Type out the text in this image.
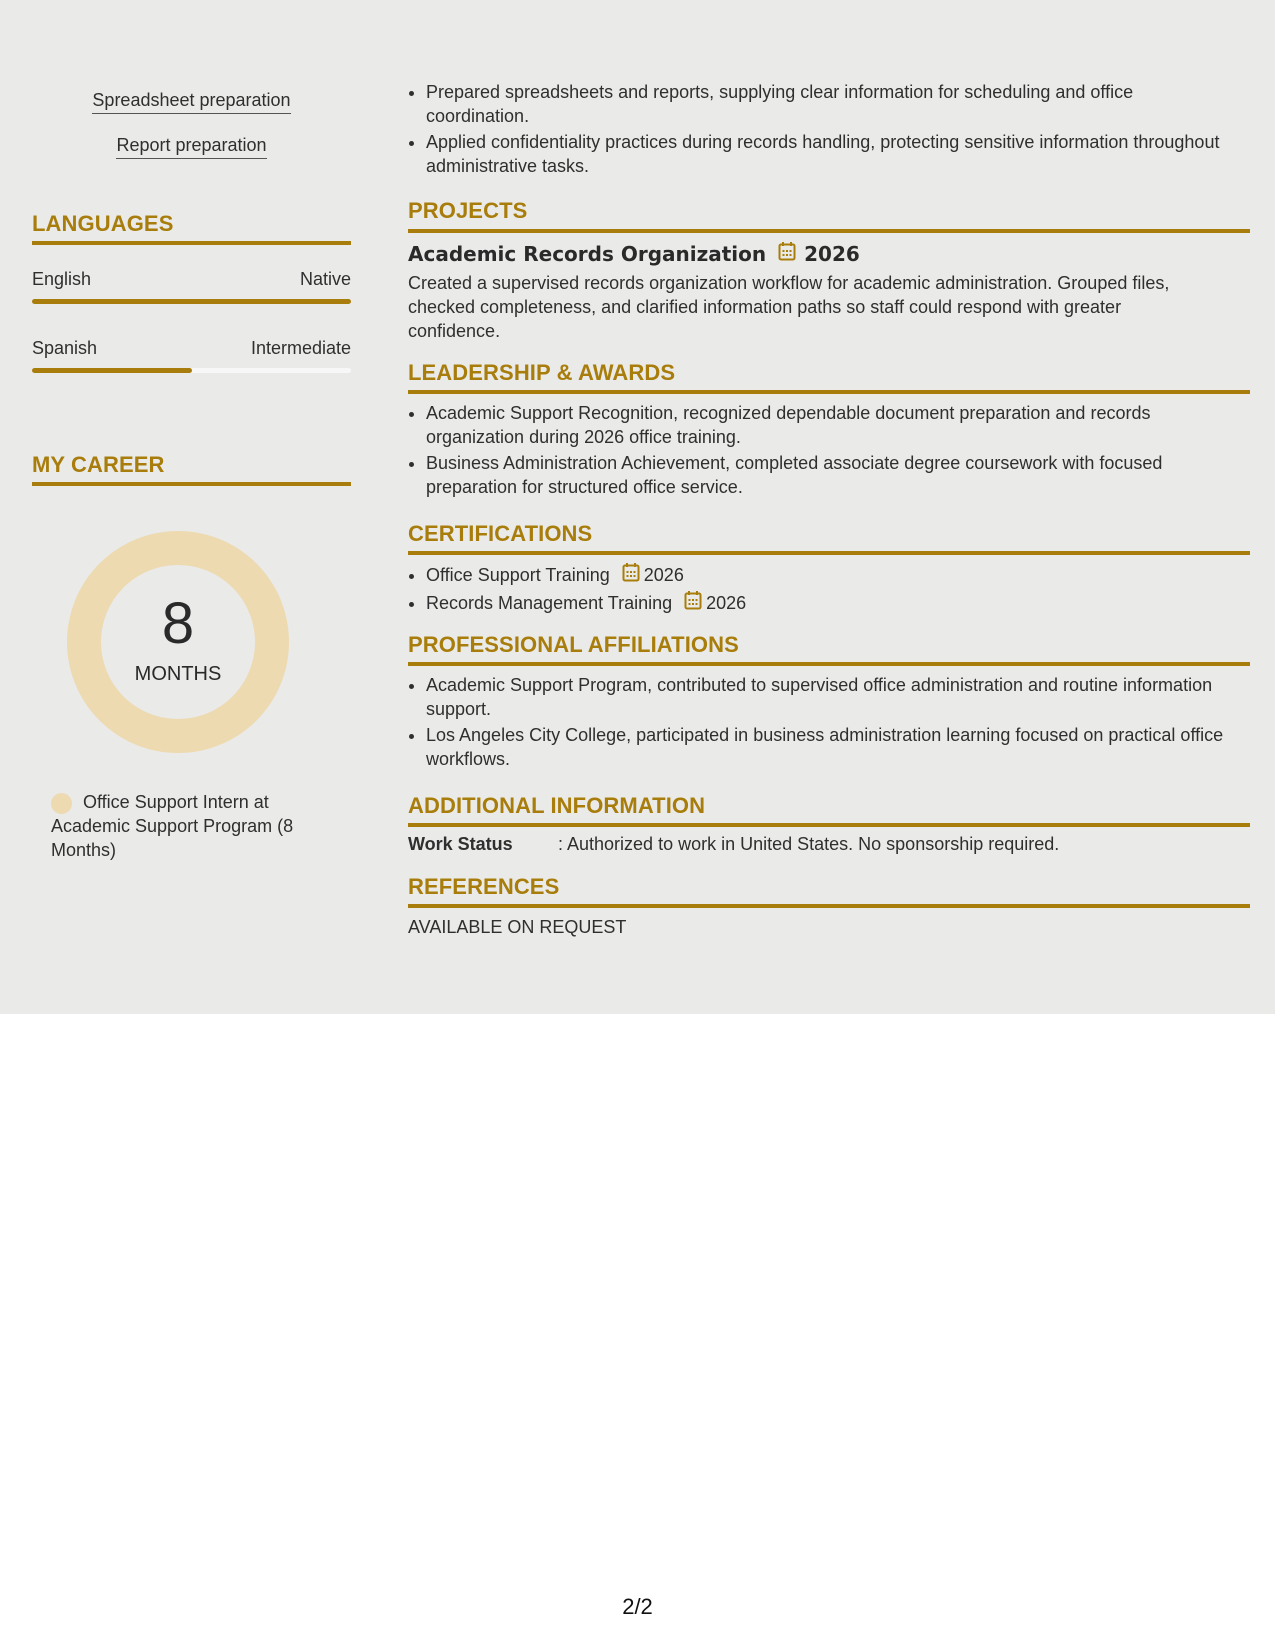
Spreadsheet preparation
Report preparation
LANGUAGES
English	Native
Spanish	Intermediate
MY CAREER
8
MONTHS
Office Support Intern at Academic Support Program (8 Months)
• Prepared spreadsheets and reports, supplying clear information for scheduling and office coordination.
• Applied confidentiality practices during records handling, protecting sensitive information throughout administrative tasks.
PROJECTS
Academic Records Organization 2026
Created a supervised records organization workflow for academic administration. Grouped files, checked completeness, and clarified information paths so staff could respond with greater confidence.
LEADERSHIP & AWARDS
• Academic Support Recognition, recognized dependable document preparation and records organization during 2026 office training.
• Business Administration Achievement, completed associate degree coursework with focused preparation for structured office service.
CERTIFICATIONS
• Office Support Training 2026
• Records Management Training 2026
PROFESSIONAL AFFILIATIONS
• Academic Support Program, contributed to supervised office administration and routine information support.
• Los Angeles City College, participated in business administration learning focused on practical office workflows.
ADDITIONAL INFORMATION
Work Status	: Authorized to work in United States. No sponsorship required.
REFERENCES
AVAILABLE ON REQUEST
2/2
